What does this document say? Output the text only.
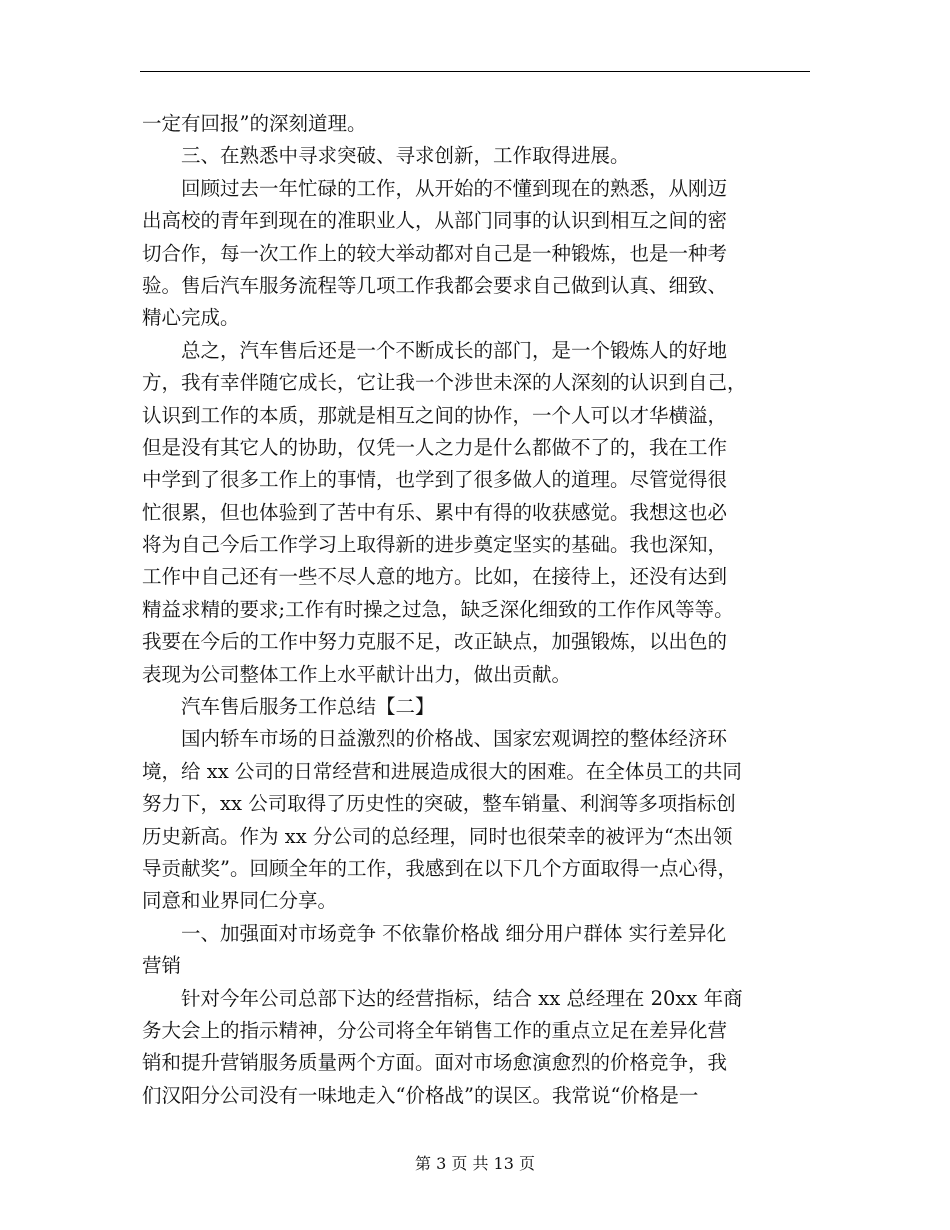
一定有回报”的深刻道理。
　　三、在熟悉中寻求突破、寻求创新，工作取得进展。
　　回顾过去一年忙碌的工作，从开始的不懂到现在的熟悉，从刚迈
出高校的青年到现在的准职业人，从部门同事的认识到相互之间的密
切合作，每一次工作上的较大举动都对自己是一种锻炼，也是一种考
验。售后汽车服务流程等几项工作我都会要求自己做到认真、细致、
精心完成。
　　总之，汽车售后还是一个不断成长的部门，是一个锻炼人的好地
方，我有幸伴随它成长，它让我一个涉世未深的人深刻的认识到自己，
认识到工作的本质，那就是相互之间的协作，一个人可以才华横溢，
但是没有其它人的协助，仅凭一人之力是什么都做不了的，我在工作
中学到了很多工作上的事情，也学到了很多做人的道理。尽管觉得很
忙很累，但也体验到了苦中有乐、累中有得的收获感觉。我想这也必
将为自己今后工作学习上取得新的进步奠定坚实的基础。我也深知，
工作中自己还有一些不尽人意的地方。比如，在接待上，还没有达到
精益求精的要求;工作有时操之过急，缺乏深化细致的工作作风等等。
我要在今后的工作中努力克服不足，改正缺点，加强锻炼，以出色的
表现为公司整体工作上水平献计出力，做出贡献。
　　汽车售后服务工作总结【二】
　　国内轿车市场的日益激烈的价格战、国家宏观调控的整体经济环
境，给 xx 公司的日常经营和进展造成很大的困难。在全体员工的共同
努力下，xx 公司取得了历史性的突破，整车销量、利润等多项指标创
历史新高。作为 xx 分公司的总经理，同时也很荣幸的被评为“杰出领
导贡献奖”。回顾全年的工作，我感到在以下几个方面取得一点心得，
同意和业界同仁分享。
　　一、加强面对市场竞争 不依靠价格战 细分用户群体 实行差异化
营销
　　针对今年公司总部下达的经营指标，结合 xx 总经理在 20xx 年商
务大会上的指示精神，分公司将全年销售工作的重点立足在差异化营
销和提升营销服务质量两个方面。面对市场愈演愈烈的价格竞争，我
们汉阳分公司没有一味地走入“价格战”的误区。我常说“价格是一
第 3 页 共 13 页
